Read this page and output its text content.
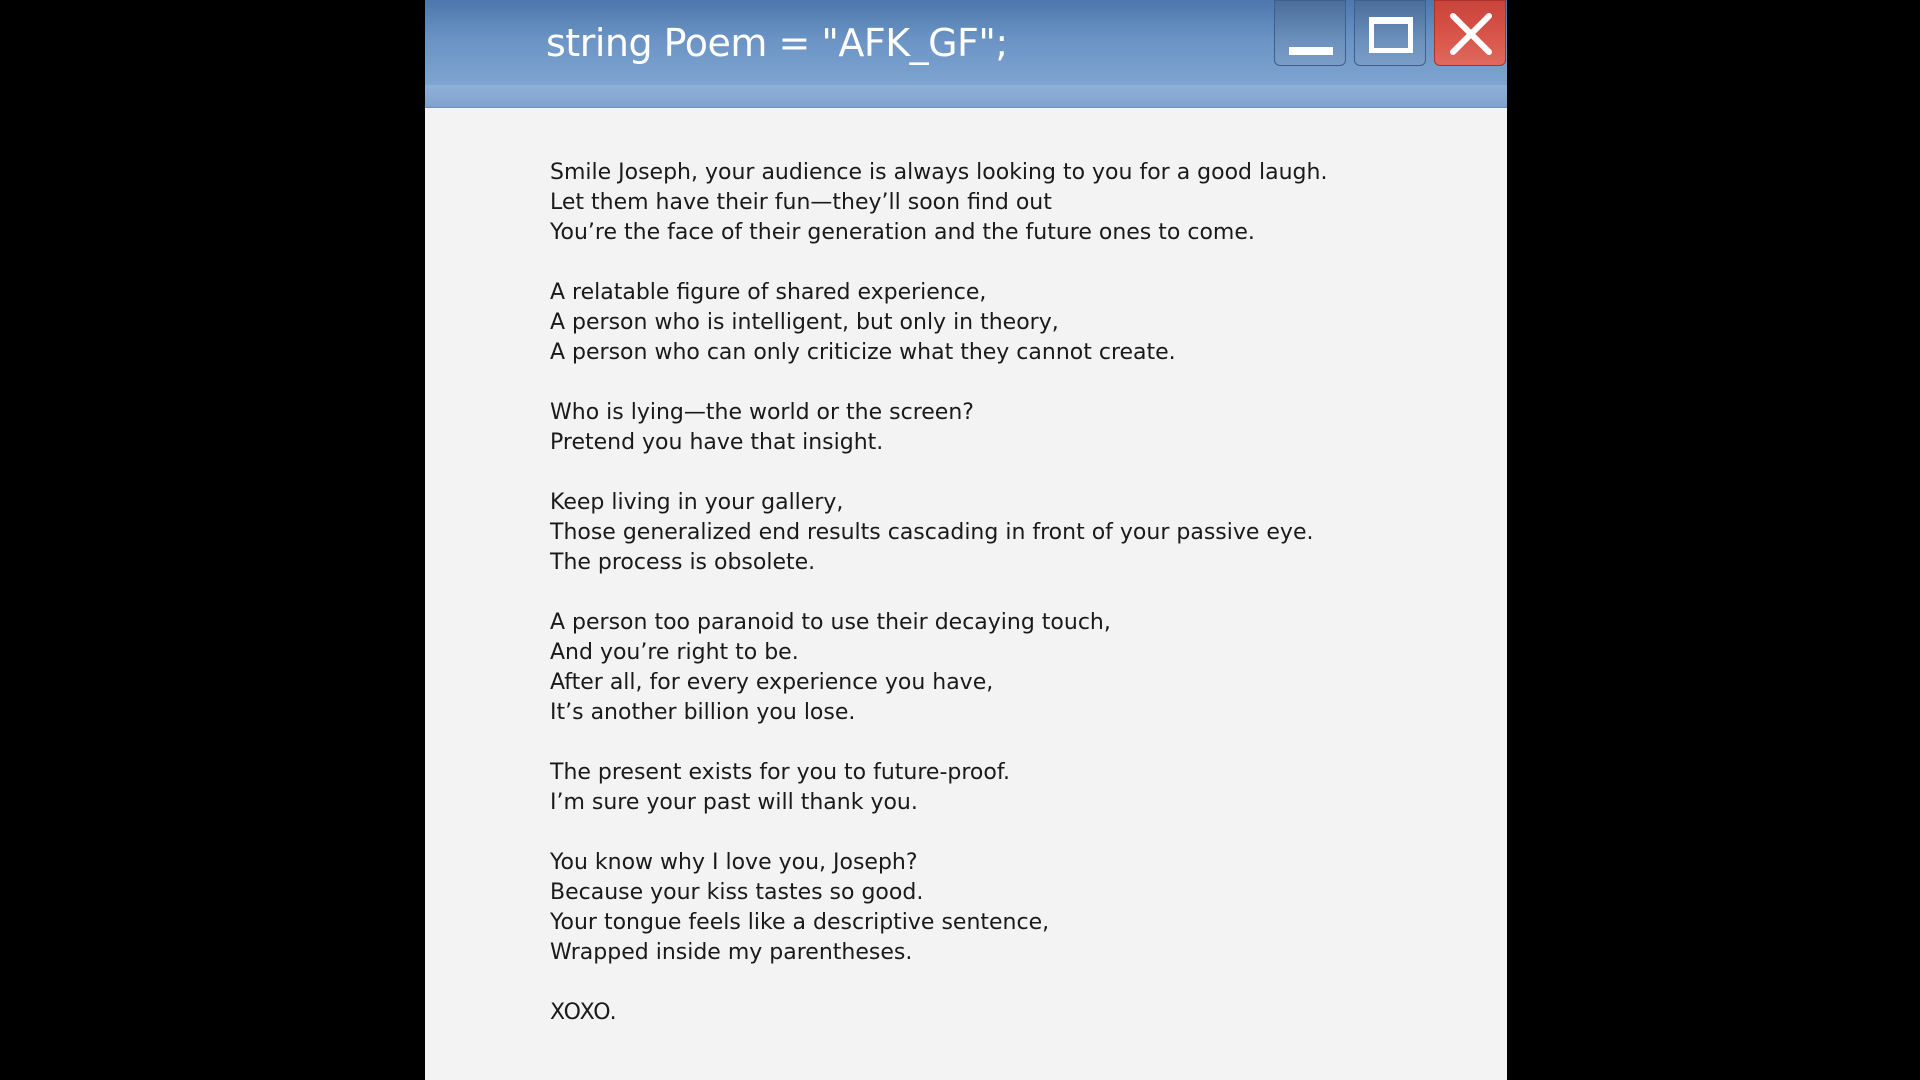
string Poem = "AFK_GF";
Smile Joseph, your audience is always looking to you for a good laugh.
Let them have their fun—they’ll soon find out
You’re the face of their generation and the future ones to come.
A relatable figure of shared experience,
A person who is intelligent, but only in theory,
A person who can only criticize what they cannot create.
Who is lying—the world or the screen?
Pretend you have that insight.
Keep living in your gallery,
Those generalized end results cascading in front of your passive eye.
The process is obsolete.
A person too paranoid to use their decaying touch,
And you’re right to be.
After all, for every experience you have,
It’s another billion you lose.
The present exists for you to future-proof.
I’m sure your past will thank you.
You know why I love you, Joseph?
Because your kiss tastes so good.
Your tongue feels like a descriptive sentence,
Wrapped inside my parentheses.
XOXO.
